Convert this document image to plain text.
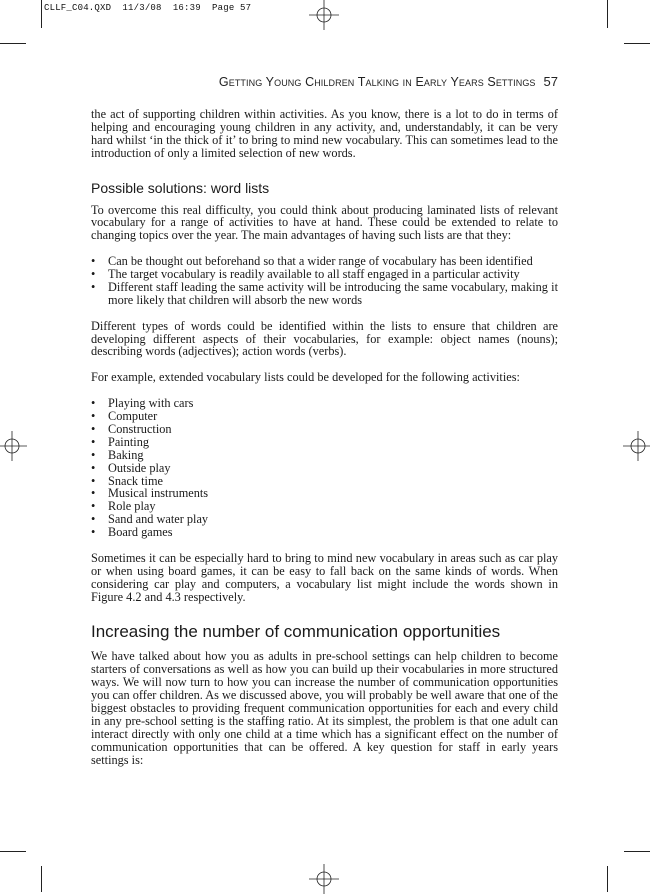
CLLF_C04.QXD  11/3/08  16:39  Page 57
Getting Young Children Talking in Early Years Settings 57

the act of supporting children within activities. As you know, there is a lot to do in terms of helping and encouraging young children in any activity, and, understandably, it can be very hard whilst ‘in the thick of it’ to bring to mind new vocabulary. This can sometimes lead to the introduction of only a limited selection of new words.

Possible solutions: word lists

To overcome this real difficulty, you could think about producing laminated lists of relevant vocabulary for a range of activities to have at hand. These could be extended to relate to changing topics over the year. The main advantages of having such lists are that they:

• Can be thought out beforehand so that a wider range of vocabulary has been identified
• The target vocabulary is readily available to all staff engaged in a particular activity
• Different staff leading the same activity will be introducing the same vocabulary, making it more likely that children will absorb the new words

Different types of words could be identified within the lists to ensure that children are developing different aspects of their vocabularies, for example: object names (nouns); describing words (adjectives); action words (verbs).

For example, extended vocabulary lists could be developed for the following activities:

• Playing with cars
• Computer
• Construction
• Painting
• Baking
• Outside play
• Snack time
• Musical instruments
• Role play
• Sand and water play
• Board games

Sometimes it can be especially hard to bring to mind new vocabulary in areas such as car play or when using board games, it can be easy to fall back on the same kinds of words. When considering car play and computers, a vocabulary list might include the words shown in Figure 4.2 and 4.3 respectively.

Increasing the number of communication opportunities

We have talked about how you as adults in pre-school settings can help children to become starters of conversations as well as how you can build up their vocabularies in more structured ways. We will now turn to how you can increase the number of communication opportunities you can offer children. As we discussed above, you will probably be well aware that one of the biggest obstacles to providing frequent communication opportunities for each and every child in any pre-school setting is the staffing ratio. At its simplest, the problem is that one adult can interact directly with only one child at a time which has a significant effect on the number of communication opportunities that can be offered. A key question for staff in early years settings is:
